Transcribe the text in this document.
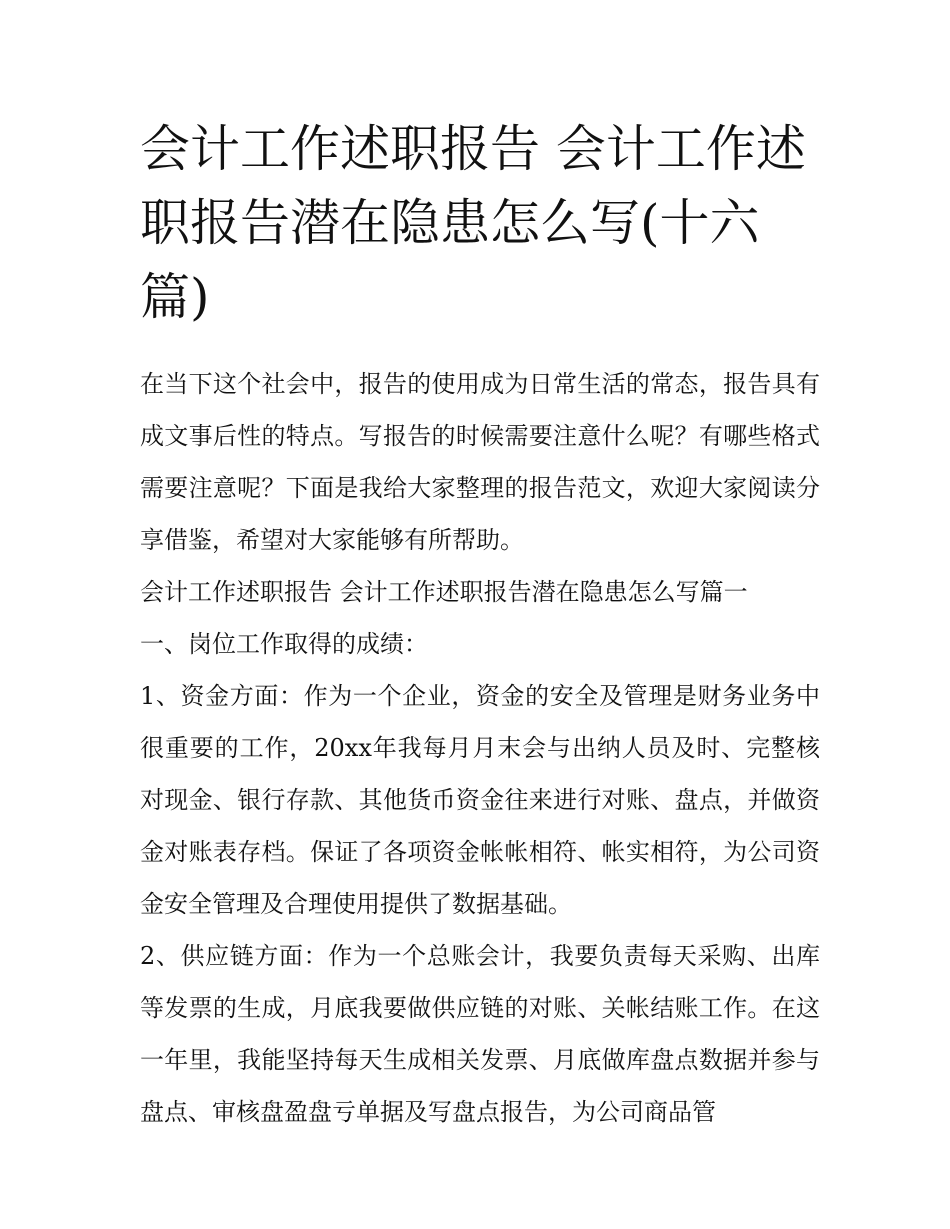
会计工作述职报告 会计工作述职报告潜在隐患怎么写(十六篇)

在当下这个社会中，报告的使用成为日常生活的常态，报告具有成文事后性的特点。写报告的时候需要注意什么呢？有哪些格式需要注意呢？下面是我给大家整理的报告范文，欢迎大家阅读分享借鉴，希望对大家能够有所帮助。

会计工作述职报告 会计工作述职报告潜在隐患怎么写篇一

一、岗位工作取得的成绩：

1、资金方面：作为一个企业，资金的安全及管理是财务业务中很重要的工作，20xx年我每月月末会与出纳人员及时、完整核对现金、银行存款、其他货币资金往来进行对账、盘点，并做资金对账表存档。保证了各项资金帐帐相符、帐实相符，为公司资金安全管理及合理使用提供了数据基础。

2、供应链方面：作为一个总账会计，我要负责每天采购、出库等发票的生成，月底我要做供应链的对账、关帐结账工作。在这一年里，我能坚持每天生成相关发票、月底做库盘点数据并参与盘点、审核盘盈盘亏单据及写盘点报告，为公司商品管
